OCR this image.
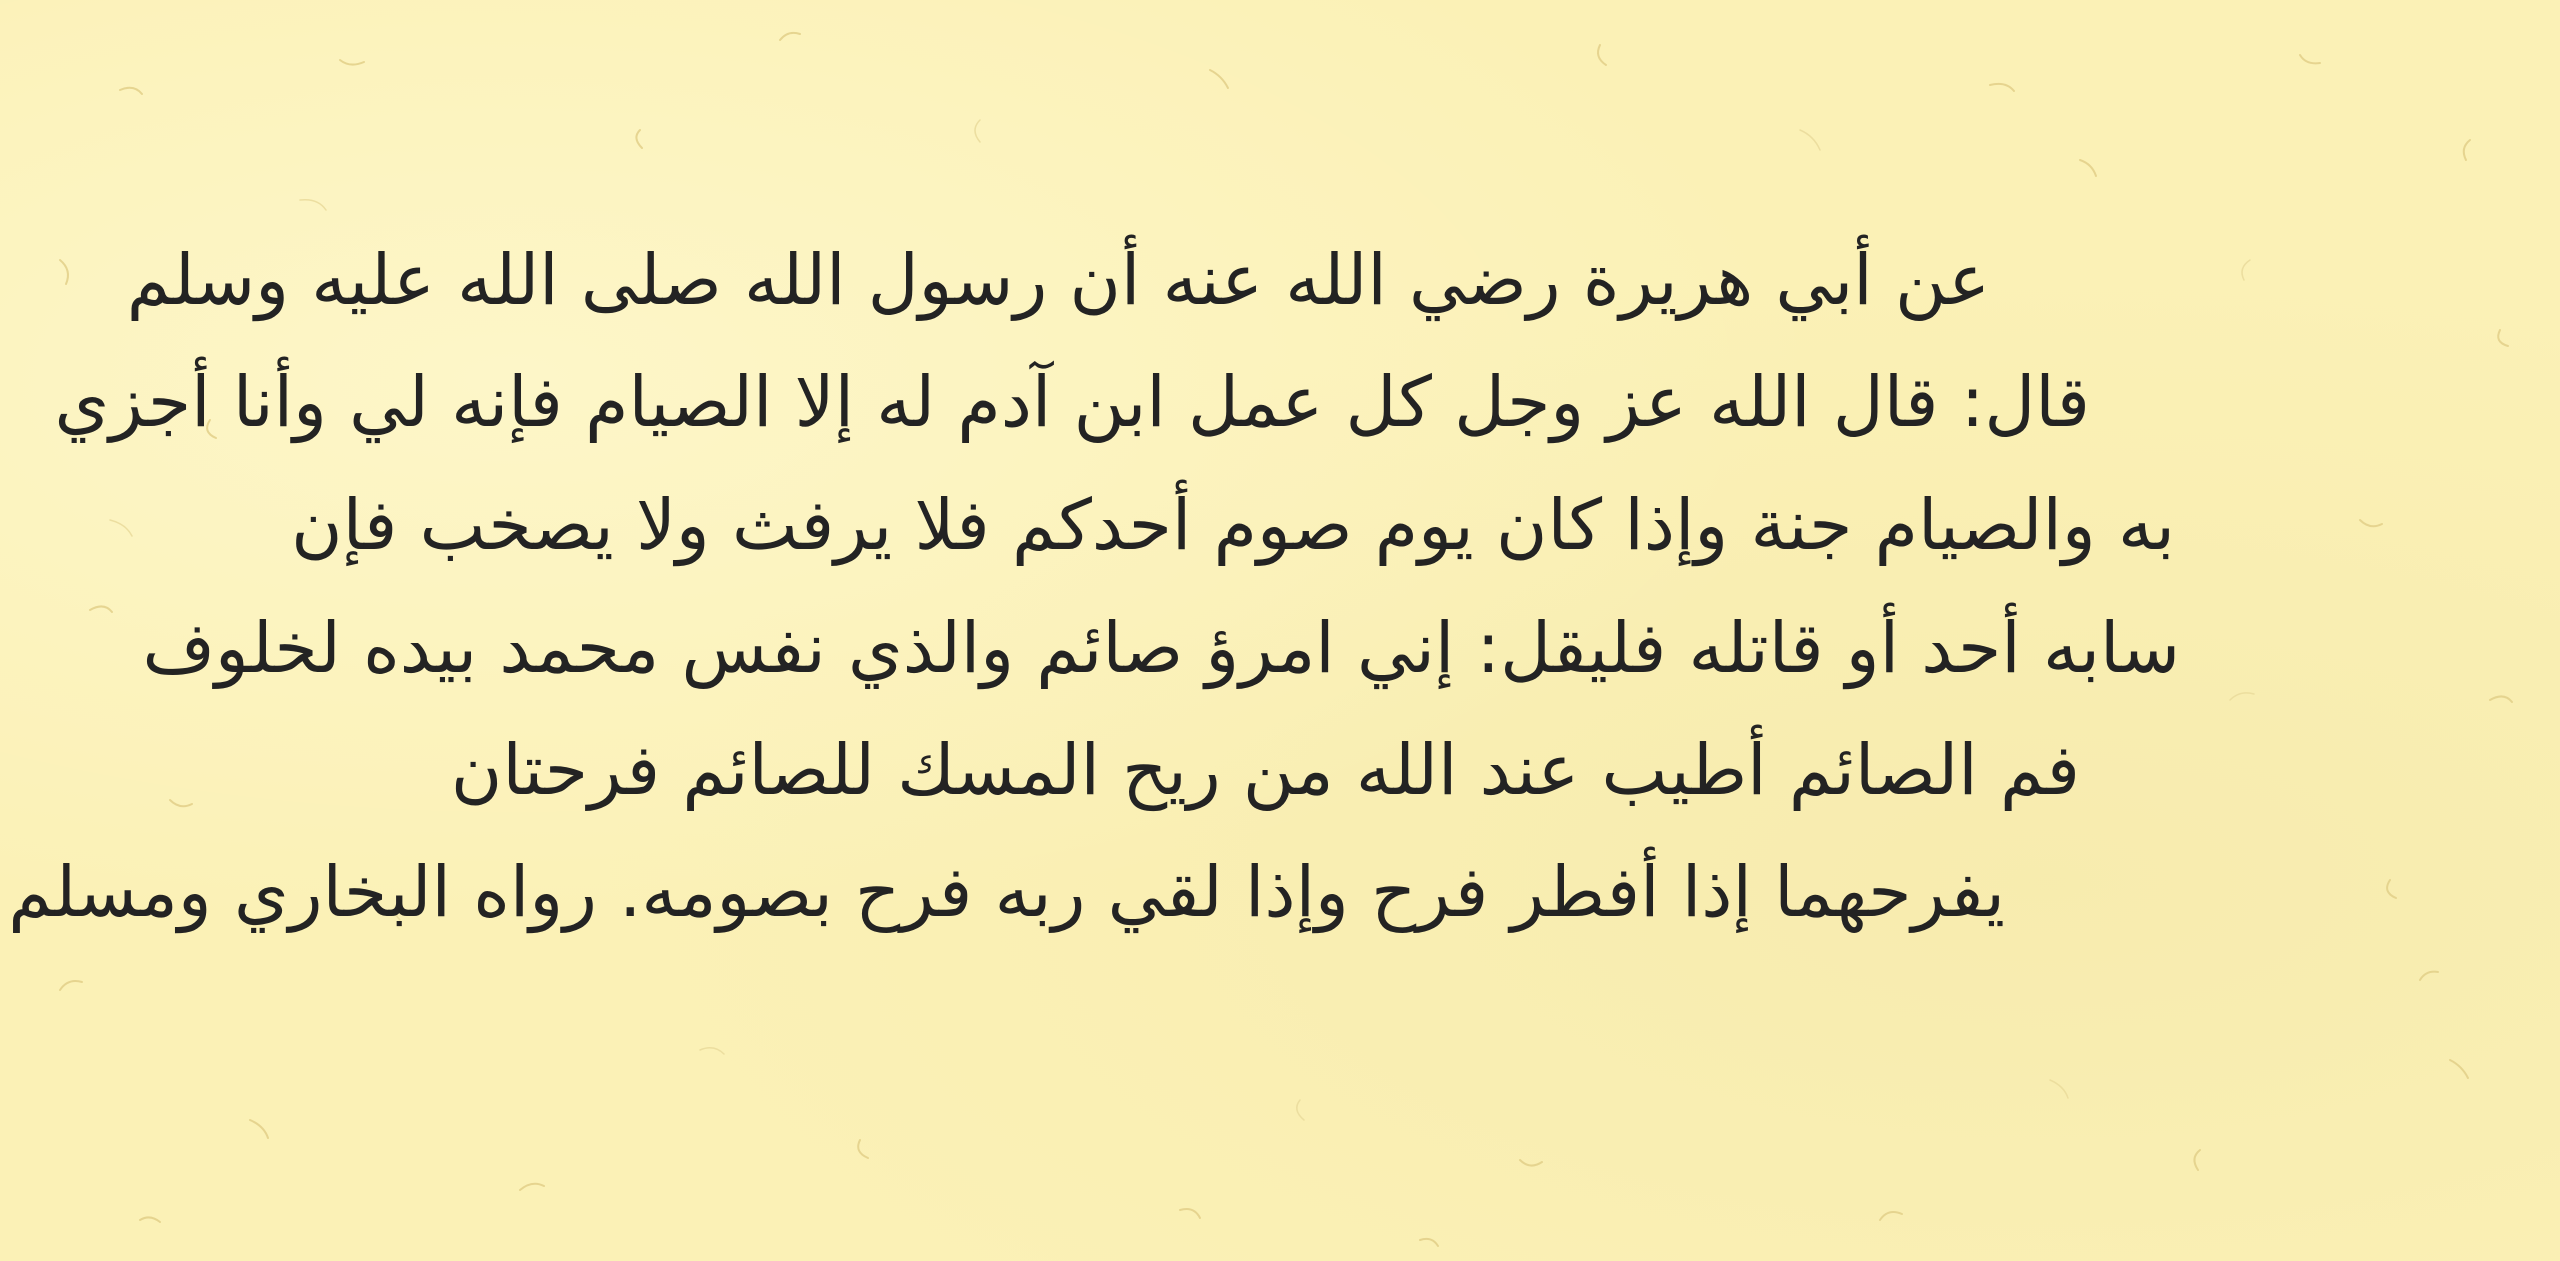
عن أبي هريرة رضي الله عنه أن رسول الله صلى الله عليه وسلم
قال: قال الله عز وجل كل عمل ابن آدم له إلا الصيام فإنه لي وأنا أجزي
به والصيام جنة وإذا كان يوم صوم أحدكم فلا يرفث ولا يصخب فإن
سابه أحد أو قاتله فليقل: إني امرؤ صائم والذي نفس محمد بيده لخلوف
فم الصائم أطيب عند الله من ريح المسك للصائم فرحتان
يفرحهما إذا أفطر فرح وإذا لقي ربه فرح بصومه. رواه البخاري ومسلم
